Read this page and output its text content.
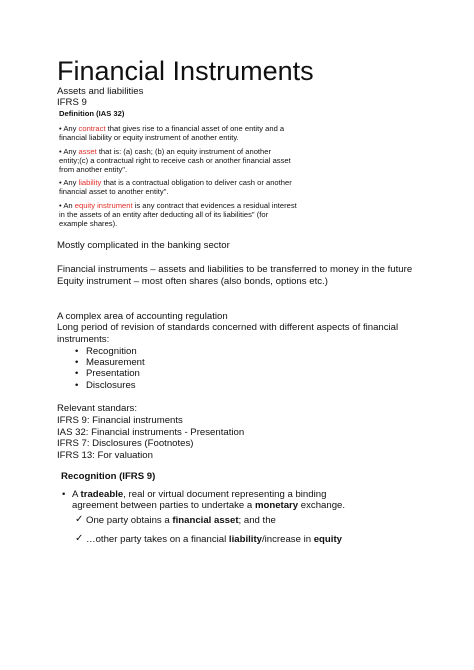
Financial Instruments
Assets and liabilities
IFRS 9
Definition (IAS 32)
• Any contract that gives rise to a financial asset of one entity and a
financial liability or equity instrument of another entity.
• Any asset that is: (a) cash; (b) an equity instrument of another
entity;(c) a contractual right to receive cash or another financial asset
from another entity".
• Any liability that is a contractual obligation to deliver cash or another
financial asset to another entity".
• An equity instrument is any contract that evidences a residual interest
in the assets of an entity after deducting all of its liabilities" (for
example shares).
Mostly complicated in the banking sector
Financial instruments – assets and liabilities to be transferred to money in the future
Equity instrument – most often shares (also bonds, options etc.)
A complex area of accounting regulation
Long period of revision of standards concerned with different aspects of financial
instruments:
• Recognition
• Measurement
• Presentation
• Disclosures
Relevant standars:
IFRS 9: Financial instruments
IAS 32: Financial instruments - Presentation
IFRS 7: Disclosures (Footnotes)
IFRS 13: For valuation
Recognition (IFRS 9)
• A tradeable, real or virtual document representing a binding
agreement between parties to undertake a monetary exchange.
✓ One party obtains a financial asset; and the
✓ …other party takes on a financial liability/increase in equity
